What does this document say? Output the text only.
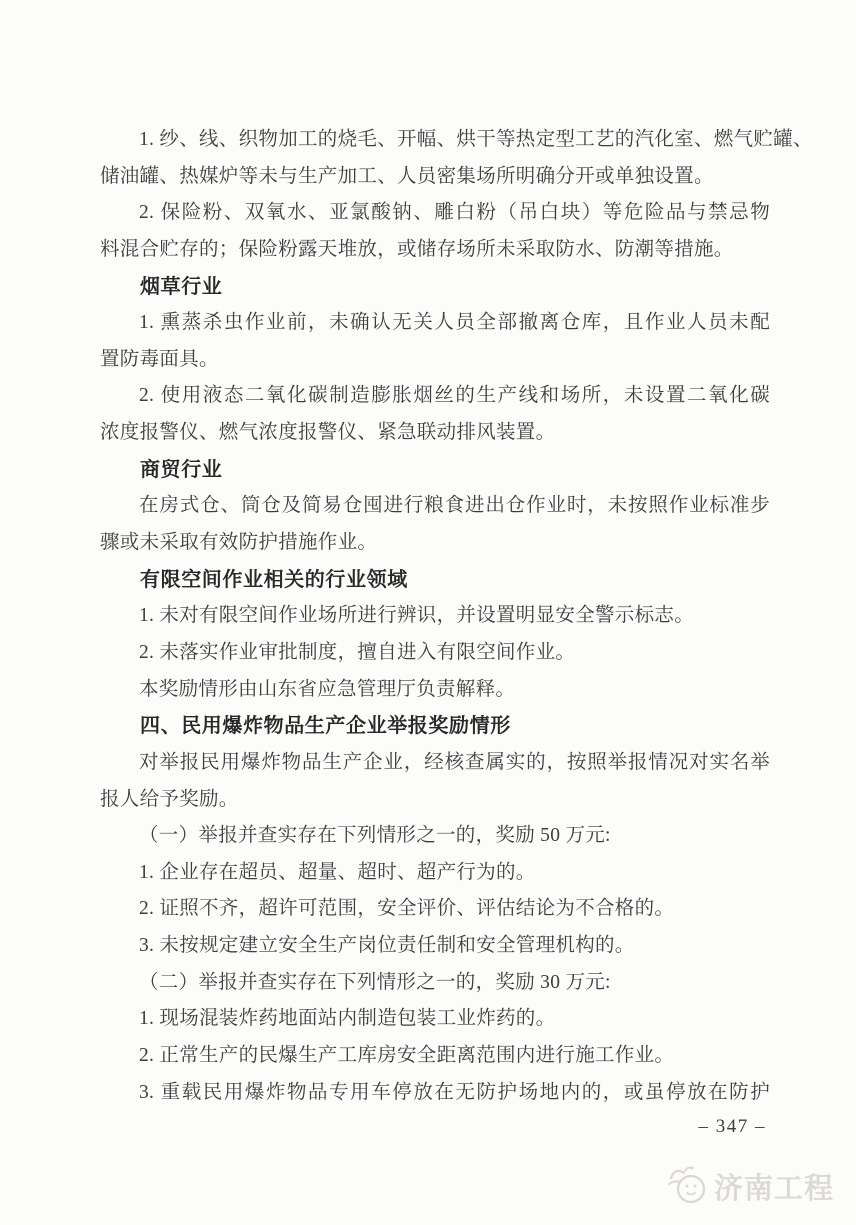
1. 纱、线、织物加工的烧毛、开幅、烘干等热定型工艺的汽化室、燃气贮罐、
储油罐、热媒炉等未与生产加工、人员密集场所明确分开或单独设置。
2. 保险粉、双氧水、亚氯酸钠、雕白粉（吊白块）等危险品与禁忌物
料混合贮存的；保险粉露天堆放，或储存场所未采取防水、防潮等措施。
烟草行业
1. 熏蒸杀虫作业前，未确认无关人员全部撤离仓库，且作业人员未配
置防毒面具。
2. 使用液态二氧化碳制造膨胀烟丝的生产线和场所，未设置二氧化碳
浓度报警仪、燃气浓度报警仪、紧急联动排风装置。
商贸行业
在房式仓、筒仓及简易仓囤进行粮食进出仓作业时，未按照作业标准步
骤或未采取有效防护措施作业。
有限空间作业相关的行业领域
1. 未对有限空间作业场所进行辨识，并设置明显安全警示标志。
2. 未落实作业审批制度，擅自进入有限空间作业。
本奖励情形由山东省应急管理厅负责解释。
四、民用爆炸物品生产企业举报奖励情形
对举报民用爆炸物品生产企业，经核查属实的，按照举报情况对实名举
报人给予奖励。
（一）举报并查实存在下列情形之一的，奖励 50 万元:
1. 企业存在超员、超量、超时、超产行为的。
2. 证照不齐，超许可范围，安全评价、评估结论为不合格的。
3. 未按规定建立安全生产岗位责任制和安全管理机构的。
（二）举报并查实存在下列情形之一的，奖励 30 万元:
1. 现场混装炸药地面站内制造包装工业炸药的。
2. 正常生产的民爆生产工库房安全距离范围内进行施工作业。
3. 重载民用爆炸物品专用车停放在无防护场地内的，或虽停放在防护
– 347 –
济南工程
